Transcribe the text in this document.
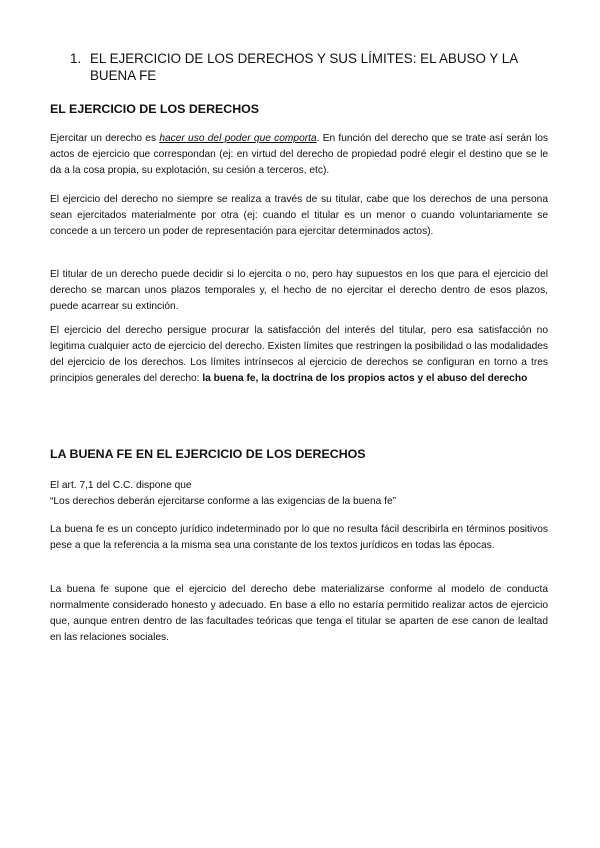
1. EL EJERCICIO DE LOS DERECHOS Y SUS LÍMITES: EL ABUSO Y LA BUENA FE
EL EJERCICIO DE LOS DERECHOS
Ejercitar un derecho es hacer uso del poder que comporta. En función del derecho que se trate así serán los actos de ejercicio que correspondan (ej: en virtud del derecho de propiedad podré elegir el destino que se le da a la cosa propia, su explotación, su cesión a terceros, etc).
El ejercicio del derecho no siempre se realiza a través de su titular, cabe que los derechos de una persona sean ejercitados materialmente por otra (ej: cuando el titular es un menor o cuando voluntariamente se concede a un tercero un poder de representación para ejercitar determinados actos).
El titular de un derecho puede decidir si lo ejercita o no, pero hay supuestos en los que para el ejercicio del derecho se marcan unos plazos temporales y, el hecho de no ejercitar el derecho dentro de esos plazos, puede acarrear su extinción.
El ejercicio del derecho persigue procurar la satisfacción del interés del titular, pero esa satisfacción no legitima cualquier acto de ejercicio del derecho. Existen límites que restringen la posibilidad o las modalidades del ejercicio de los derechos. Los límites intrínsecos al ejercicio de derechos se configuran en torno a tres principios generales del derecho: la buena fe, la doctrina de los propios actos y el abuso del derecho
LA BUENA FE EN EL EJERCICIO DE LOS DERECHOS
El art. 7,1 del C.C. dispone que
“Los derechos deberán ejercitarse conforme a las exigencias de la buena fe”
La buena fe es un concepto jurídico indeterminado por lo que no resulta fácil describirla en términos positivos pese a que la referencia a la misma sea una constante de los textos jurídicos en todas las épocas.
La buena fe supone que el ejercicio del derecho debe materializarse conforme al modelo de conducta normalmente considerado honesto y adecuado. En base a ello no estaría permitido realizar actos de ejercicio que, aunque entren dentro de las facultades teóricas que tenga el titular se aparten de ese canon de lealtad en las relaciones sociales.
